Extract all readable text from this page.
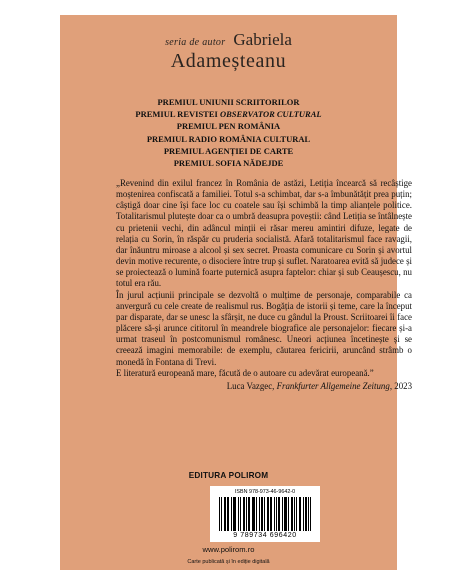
seria de autor Gabriela
Adameșteanu
PREMIUL UNIUNII SCRIITORILOR
PREMIUL REVISTEI OBSERVATOR CULTURAL
PREMIUL PEN ROMÂNIA
PREMIUL RADIO ROMÂNIA CULTURAL
PREMIUL AGENȚIEI DE CARTE
PREMIUL SOFIA NĂDEJDE

„Revenind din exilul francez în România de astăzi, Letiția încearcă să recâștige moștenirea confiscată a familiei. Totul s-a schimbat, dar s-a îmbunătățit prea puțin; câștigă doar cine își face loc cu coatele sau își schimbă la timp alianțele politice. Totalitarismul plutește doar ca o umbră deasupra poveștii: când Letiția se întâlnește cu prietenii vechi, din adâncul minții ei răsar mereu amintiri difuze, legate de relația cu Sorin, în răspăr cu pruderia socialistă. Afară totalitarismul face ravagii, dar înăuntru miroase a alcool și sex secret. Proasta comunicare cu Sorin și avortul devin motive recurente, o disociere între trup și suflet. Naratoarea evită să judece și se proiectează o lumină foarte puternică asupra faptelor: chiar și sub Ceaușescu, nu totul era rău.

În jurul acțiunii principale se dezvoltă o mulțime de personaje, comparabile ca anvergură cu cele create de realismul rus. Bogăția de istorii și teme, care la început par disparate, dar se unesc la sfârșit, ne duce cu gândul la Proust. Scriitoarei îi face plăcere să-și arunce cititorul în meandrele biografice ale personajelor: fiecare și-a urmat traseul în postcomunismul românesc. Uneori acțiunea încetinește și se creează imagini memorabile: de exemplu, căutarea fericirii, aruncând strâmb o monedă în Fontana di Trevi.

E literatură europeană mare, făcută de o autoare cu adevărat europeană.”

Luca Vazgec, Frankfurter Allgemeine Zeitung, 2023
EDITURA POLIROM
ISBN 978-973-46-9642-0
9 789734 696420
www.polirom.ro
Carte publicată și în ediție digitală
